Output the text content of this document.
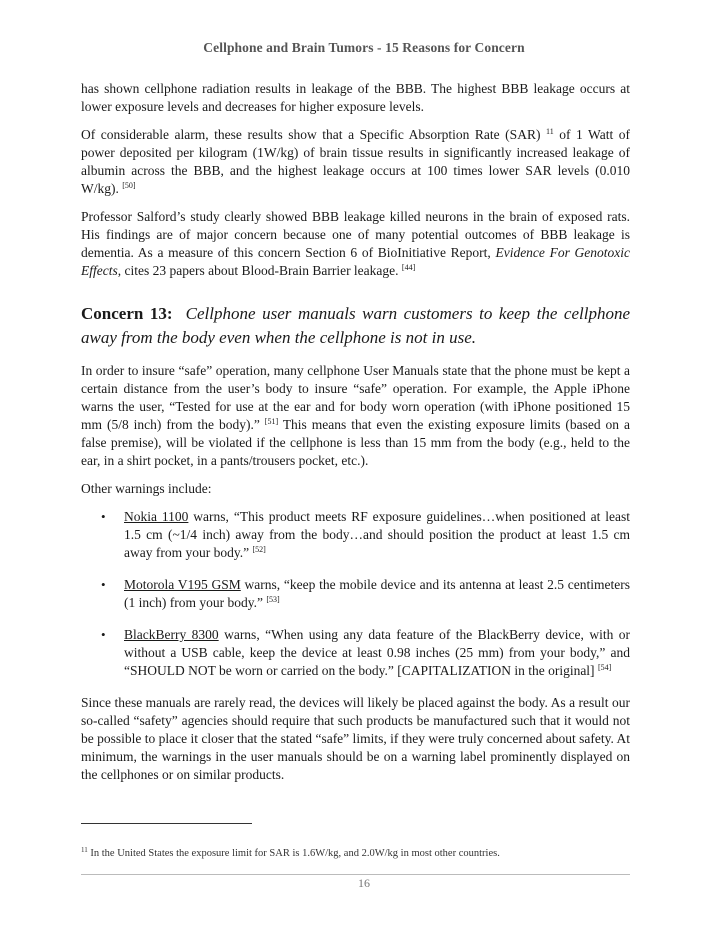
Cellphone and Brain Tumors - 15 Reasons for Concern

has shown cellphone radiation results in leakage of the BBB. The highest BBB leakage occurs at lower exposure levels and decreases for higher exposure levels.

Of considerable alarm, these results show that a Specific Absorption Rate (SAR) $^{11}$ of 1 Watt of power deposited per kilogram (1W/kg) of brain tissue results in significantly increased leakage of albumin across the BBB, and the highest leakage occurs at 100 times lower SAR levels (0.010 W/kg). [50]

Professor Salford’s study clearly showed BBB leakage killed neurons in the brain of exposed rats. His findings are of major concern because one of many potential outcomes of BBB leakage is dementia. As a measure of this concern Section 6 of BioInitiative Report, Evidence For Genotoxic Effects, cites 23 papers about Blood-Brain Barrier leakage. [44]

Concern 13: Cellphone user manuals warn customers to keep the cellphone away from the body even when the cellphone is not in use.

In order to insure “safe” operation, many cellphone User Manuals state that the phone must be kept a certain distance from the user’s body to insure “safe” operation. For example, the Apple iPhone warns the user, “Tested for use at the ear and for body worn operation (with iPhone positioned 15 mm (5/8 inch) from the body).” [51] This means that even the existing exposure limits (based on a false premise), will be violated if the cellphone is less than 15 mm from the body (e.g., held to the ear, in a shirt pocket, in a pants/trousers pocket, etc.).

Other warnings include:

• Nokia 1100 warns, “This product meets RF exposure guidelines…when positioned at least 1.5 cm (~1/4 inch) away from the body…and should position the product at least 1.5 cm away from your body.” [52]
• Motorola V195 GSM warns, “keep the mobile device and its antenna at least 2.5 centimeters (1 inch) from your body.” [53]
• BlackBerry 8300 warns, “When using any data feature of the BlackBerry device, with or without a USB cable, keep the device at least 0.98 inches (25 mm) from your body,” and “SHOULD NOT be worn or carried on the body.” [CAPITALIZATION in the original] [54]

Since these manuals are rarely read, the devices will likely be placed against the body. As a result our so-called “safety” agencies should require that such products be manufactured such that it would not be possible to place it closer that the stated “safe” limits, if they were truly concerned about safety. At minimum, the warnings in the user manuals should be on a warning label prominently displayed on the cellphones or on similar products.

$^{11}$ In the United States the exposure limit for SAR is 1.6W/kg, and 2.0W/kg in most other countries.
16
